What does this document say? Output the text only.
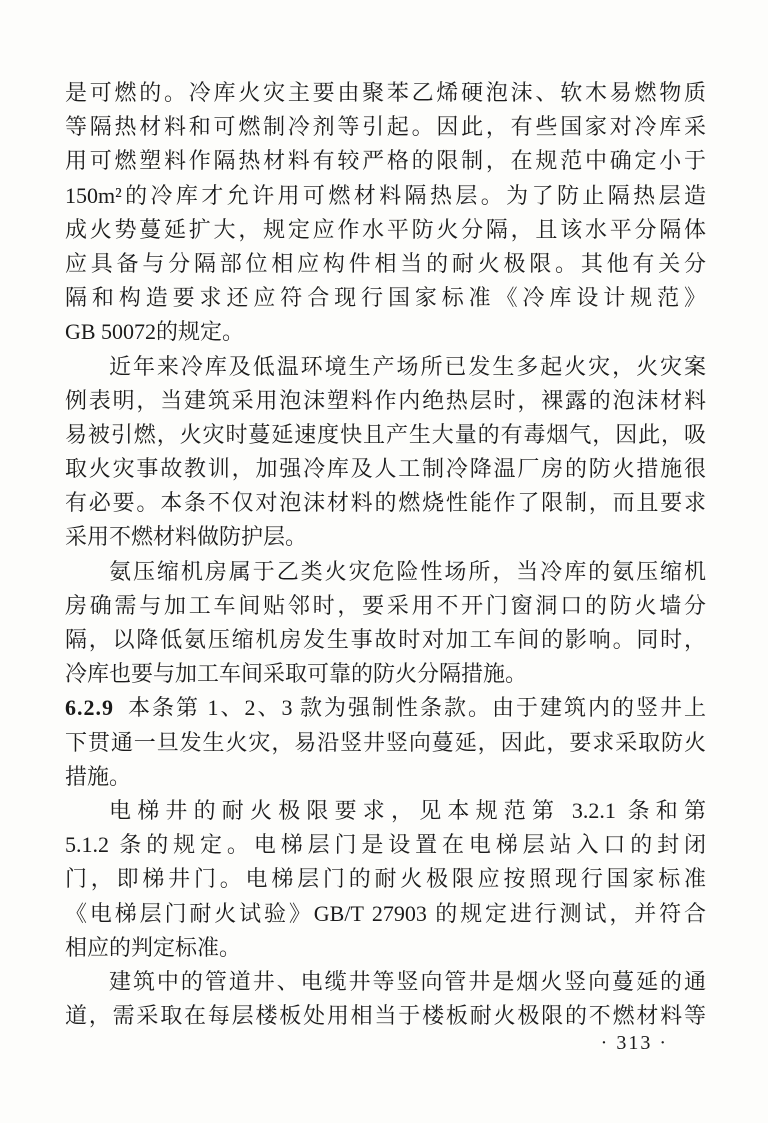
是可燃的。冷库火灾主要由聚苯乙烯硬泡沫、软木易燃物质
等隔热材料和可燃制冷剂等引起。因此，有些国家对冷库采
用可燃塑料作隔热材料有较严格的限制，在规范中确定小于
150m²的冷库才允许用可燃材料隔热层。为了防止隔热层造
成火势蔓延扩大，规定应作水平防火分隔，且该水平分隔体
应具备与分隔部位相应构件相当的耐火极限。其他有关分
隔和构造要求还应符合现行国家标准《冷库设计规范》
GB 50072的规定。
近年来冷库及低温环境生产场所已发生多起火灾，火灾案
例表明，当建筑采用泡沫塑料作内绝热层时，裸露的泡沫材料
易被引燃，火灾时蔓延速度快且产生大量的有毒烟气，因此，吸
取火灾事故教训，加强冷库及人工制冷降温厂房的防火措施很
有必要。本条不仅对泡沫材料的燃烧性能作了限制，而且要求
采用不燃材料做防护层。
氨压缩机房属于乙类火灾危险性场所，当冷库的氨压缩机
房确需与加工车间贴邻时，要采用不开门窗洞口的防火墙分
隔，以降低氨压缩机房发生事故时对加工车间的影响。同时，
冷库也要与加工车间采取可靠的防火分隔措施。
6.2.9 本条第 1、2、3 款为强制性条款。由于建筑内的竖井上
下贯通一旦发生火灾，易沿竖井竖向蔓延，因此，要求采取防火
措施。
电梯井的耐火极限要求，见本规范第 3.2.1 条和第
5.1.2 条的规定。电梯层门是设置在电梯层站入口的封闭
门，即梯井门。电梯层门的耐火极限应按照现行国家标准
《电梯层门耐火试验》GB/T 27903 的规定进行测试，并符合
相应的判定标准。
建筑中的管道井、电缆井等竖向管井是烟火竖向蔓延的通
道，需采取在每层楼板处用相当于楼板耐火极限的不燃材料等
· 313 ·
